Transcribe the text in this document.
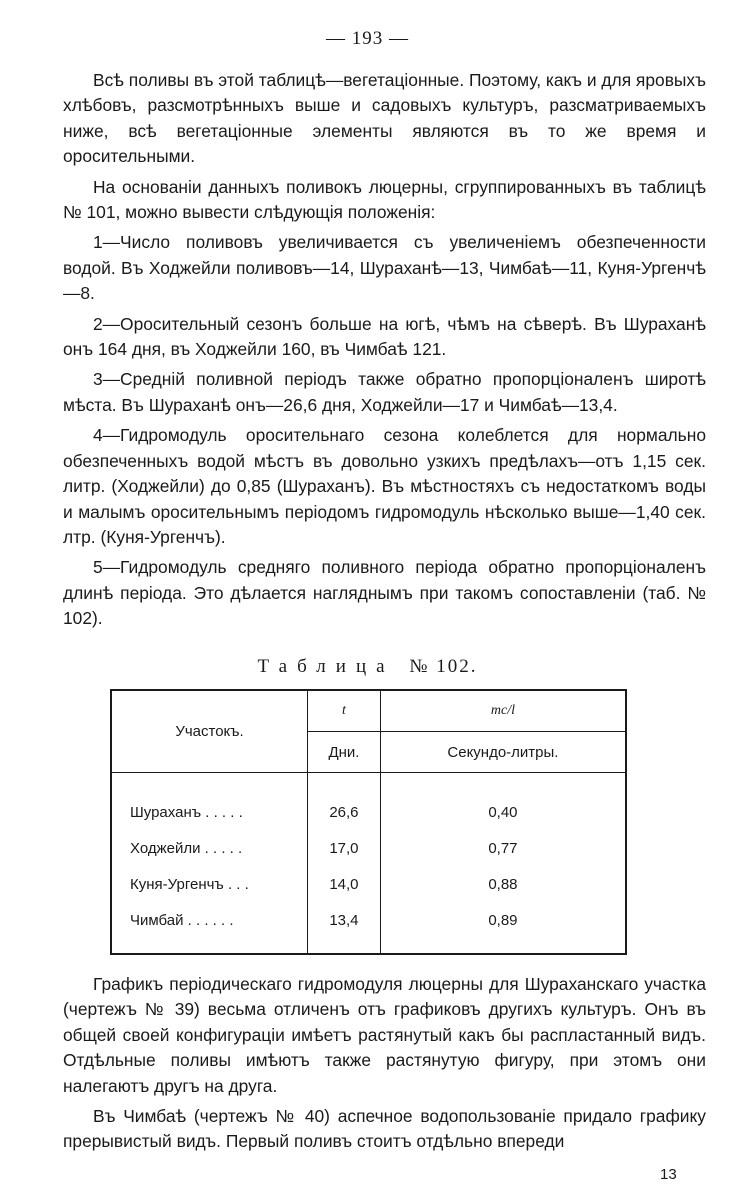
— 193 —

Всѣ поливы въ этой таблицѣ—вегетаціонные. Поэтому, какъ и для яровыхъ хлѣбовъ, разсмотрѣнныхъ выше и садовыхъ культуръ, разсматриваемыхъ ниже, всѣ вегетаціонные элементы являются въ то же время и оросительными.

На основаніи данныхъ поливокъ люцерны, сгруппированныхъ въ таблицѣ № 101, можно вывести слѣдующія положенія:

1—Число поливовъ увеличивается съ увеличеніемъ обезпеченности водой. Въ Ходжейли поливовъ—14, Шураханѣ—13, Чимбаѣ—11, Куня-Ургенчѣ—8.

2—Оросительный сезонъ больше на югѣ, чѣмъ на сѣверѣ. Въ Шураханѣ онъ 164 дня, въ Ходжейли 160, въ Чимбаѣ 121.

3—Средній поливной періодъ также обратно пропорціоналенъ широтѣ мѣста. Въ Шураханѣ онъ—26,6 дня, Ходжейли—17 и Чимбаѣ—13,4.

4—Гидромодуль оросительнаго сезона колеблется для нормально обезпеченныхъ водой мѣстъ въ довольно узкихъ предѣлахъ—отъ 1,15 сек. литр. (Ходжейли) до 0,85 (Шураханъ). Въ мѣстностяхъ съ недостаткомъ воды и малымъ оросительнымъ періодомъ гидромодуль нѣсколько выше—1,40 сек. лтр. (Куня-Ургенчъ).

5—Гидромодуль средняго поливного періода обратно пропорціоналенъ длинѣ періода. Это дѣлается нагляднымъ при такомъ сопоставленіи (таб. № 102).

Таблица № 102.
Участокъ.	t	mc/l
	Дни.	Секундо-литры.
Шураханъ . . . . .	26,6	0,40
Ходжейли . . . . .	17,0	0,77
Куня-Ургенчъ . . .	14,0	0,88
Чимбай . . . . . .	13,4	0,89

Графикъ періодическаго гидромодуля люцерны для Шураханскаго участка (чертежъ № 39) весьма отличенъ отъ графиковъ другихъ культуръ. Онъ въ общей своей конфигураціи имѣетъ растянутый какъ бы распластанный видъ. Отдѣльные поливы имѣютъ также растянутую фигуру, при этомъ они налегаютъ другъ на друга.

Въ Чимбаѣ (чертежъ № 40) аспечное водопользованіе придало графику прерывистый видъ. Первый поливъ стоитъ отдѣльно впереди

13
